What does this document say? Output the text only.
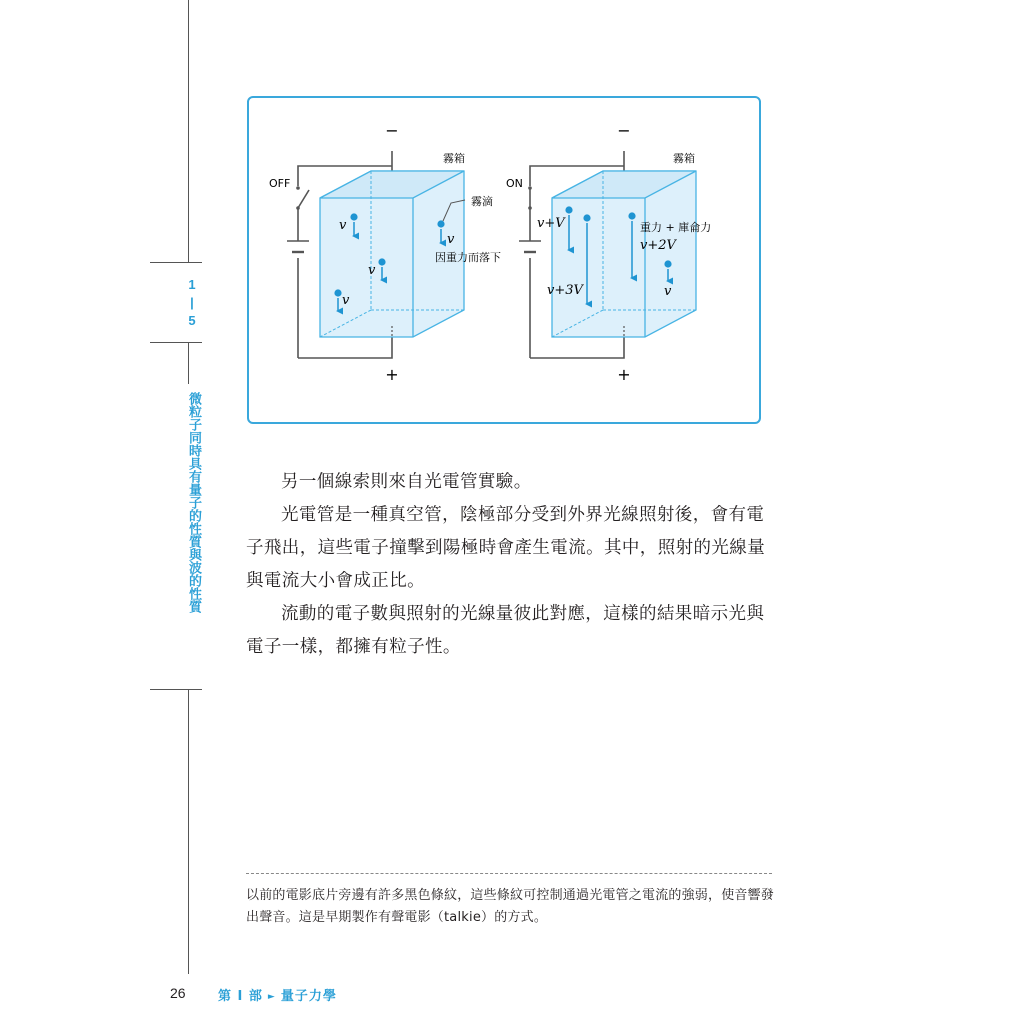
1
|
5
微粒子同時具有量子的性質與波的性質
−
+
OFF
霧箱
霧滴
因重力而落下
v
v
v
v
−
+
ON
霧箱
重力 + 庫侖力
v+V
v+3V
v+2V
v

另一個線索則來自光電管實驗。

光電管是一種真空管，陰極部分受到外界光線照射後，會有電子飛出，這些電子撞擊到陽極時會產生電流。其中，照射的光線量與電流大小會成正比。

流動的電子數與照射的光線量彼此對應，這樣的結果暗示光與電子一樣，都擁有粒子性。

以前的電影底片旁邊有許多黑色條紋，這些條紋可控制通過光電管之電流的強弱，使音響發出聲音。這是早期製作有聲電影（talkie）的方式。
26 第 I 部 ► 量子力學
